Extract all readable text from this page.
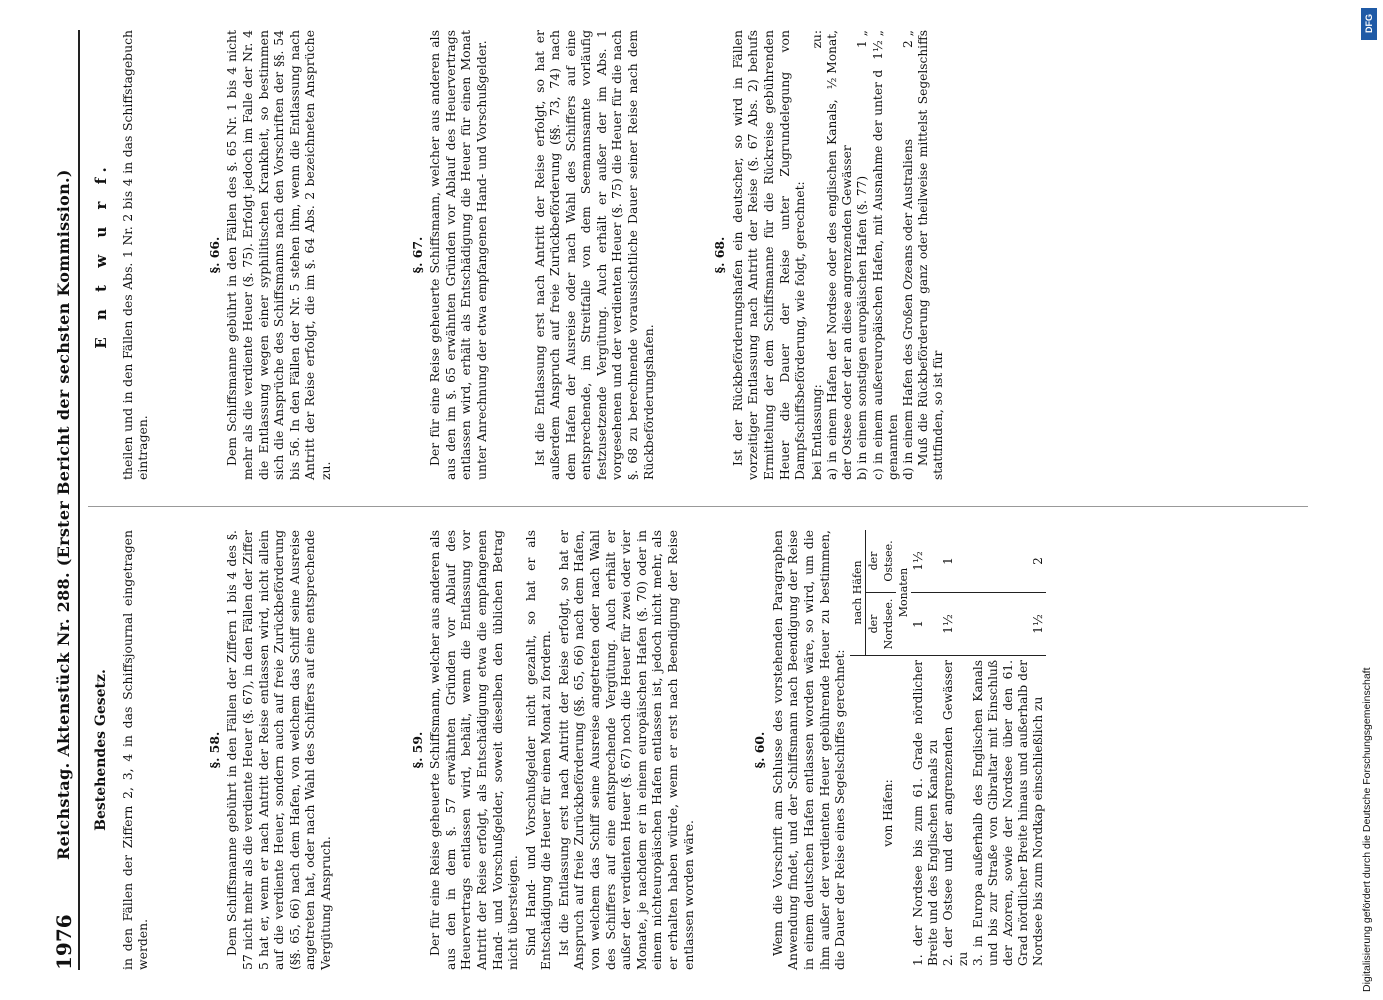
1976
Reichstag. Aktenstück Nr. 288. (Erster Bericht der sechsten Kommission.) Bestehendes Gesetz. in den Fällen der Ziffern 2, 3, 4 in das Schiffsjournal eingetragen werden.

§. 58. Dem Schiffsmanne gebührt in den Fällen der Ziffern 1 bis 4 des §. 57 nicht mehr als die verdiente Heuer (§. 67), in den Fällen der Ziffer 5 hat er, wenn er nach Antritt der Reise entlassen wird, nicht allein auf die verdiente Heuer, sondern auch auf freie Zurückbeförderung (§§. 65, 66) nach dem Hafen, von welchem das Schiff seine Ausreise angetreten hat, oder nach Wahl des Schiffers auf eine entsprechende Vergütung Anspruch.

§. 59. Der für eine Reise geheuerte Schiffsmann, welcher aus anderen als aus den in dem §. 57 erwähnten Gründen vor Ablauf des Heuervertrags entlassen wird, behält, wenn die Entlassung vor Antritt der Reise erfolgt, als Entschädigung etwa die empfangenen Hand- und Vorschußgelder, soweit dieselben den üblichen Betrag nicht übersteigen. Sind Hand- und Vorschußgelder nicht gezahlt, so hat er als Entschädigung die Heuer für einen Monat zu fordern. Ist die Entlassung erst nach Antritt der Reise erfolgt, so hat er Anspruch auf freie Zurückbeförderung (§§. 65, 66) nach dem Hafen, von welchem das Schiff seine Ausreise angetreten oder nach Wahl des Schiffers auf eine entsprechende Vergütung. Auch erhält er außer der verdienten Heuer (§. 67) noch die Heuer für zwei oder vier Monate, je nachdem er in einem europäischen Hafen (§. 70) oder in einem nichteuropäischen Hafen entlassen ist, jedoch nicht mehr, als er erhalten haben würde, wenn er erst nach Beendigung der Reise entlassen worden wäre.

§. 60. Wenn die Vorschrift am Schlusse des vorstehenden Paragraphen Anwendung findet, und der Schiffsmann nach Beendigung der Reise in einem deutschen Hafen entlassen worden wäre, so wird, um die ihm außer der verdienten Heuer gebührende Heuer zu bestimmen, die Dauer der Reise eines Segelschiffes gerechnet:	von Häfen:	nach Häfen	
	der Nordsee.	der Ostsee.
	Monaten	
1. der Nordsee bis zum 61. Grade nördlicher Breite und des Englischen Kanals zu	1	1½
2. der Ostsee und der angrenzenden Gewässer zu	1½	1
3. in Europa außerhalb des Englischen Kanals und bis zur Straße von Gibraltar mit Einschluß der Azoren, sowie der Nordsee über den 61. Grad nördlicher Breite hinaus und außerhalb der Nordsee bis zum Nordkap einschließlich zu	1½	2
E n t w u r f. theilen und in den Fällen des Abs. 1 Nr. 2 bis 4 in das Schiffstagebuch eintragen.

§. 66. Dem Schiffsmanne gebührt in den Fällen des §. 65 Nr. 1 bis 4 nicht mehr als die verdiente Heuer (§. 75). Erfolgt jedoch im Falle der Nr. 4 die Entlassung wegen einer syphilitischen Krankheit, so bestimmen sich die Ansprüche des Schiffsmanns nach den Vorschriften der §§. 54 bis 56. In den Fällen der Nr. 5 stehen ihm, wenn die Entlassung nach Antritt der Reise erfolgt, die im §. 64 Abs. 2 bezeichneten Ansprüche zu.

§. 67. Der für eine Reise geheuerte Schiffsmann, welcher aus anderen als aus den im §. 65 erwähnten Gründen vor Ablauf des Heuervertrags entlassen wird, erhält als Entschädigung die Heuer für einen Monat unter Anrechnung der etwa empfangenen Hand- und Vorschußgelder.	Ist die Entlassung erst nach Antritt der Reise erfolgt, so hat er außerdem Anspruch auf freie Zurückbeförderung (§§. 73, 74) nach dem Hafen der Ausreise oder nach Wahl des Schiffers auf eine entsprechende, im Streitfalle von dem Seemannsamte vorläufig festzusetzende Vergütung. Auch erhält er außer der im Abs. 1 vorgesehenen und der verdienten Heuer (§. 75) die Heuer für die nach §. 68 zu berechnende voraussichtliche Dauer seiner Reise nach dem Rückbeförderungshafen.

§. 68. Ist der Rückbeförderungshafen ein deutscher, so wird in Fällen vorzeitiger Entlassung nach Antritt der Reise (§. 67 Abs. 2) behufs Ermittelung der dem Schiffsmanne für die Rückreise gebührenden Heuer die Dauer der Reise unter Zugrundelegung von Dampfschiffsbeförderung, wie folgt, gerechnet: bei Entlassung:
zu:
a) in einem Hafen der Nordsee oder des englischen Kanals, der Ostsee oder der an diese angrenzenden Gewässer
½ Monat,
b) in einem sonstigen europäischen Hafen (§. 77)
1 „
c) in einem außereuropäischen Hafen, mit Ausnahme der unter d genannten
1½ „
d) in einem Hafen des Großen Ozeans oder Australiens
2 „ Muß die Rückbeförderung ganz oder theilweise mittelst Segelschiffs stattfinden, so ist für

Digitalisierung gefördert durch die Deutsche Forschungsgemeinschaft
DFG
